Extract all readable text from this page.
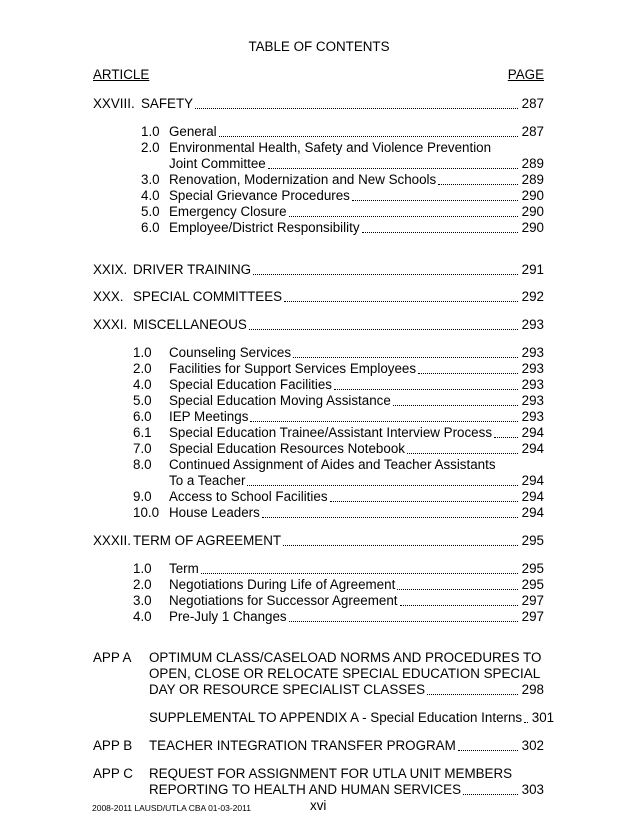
TABLE OF CONTENTS
ARTICLE	PAGE
XXVIII. SAFETY	287
1.0 General	287
2.0 Environmental Health, Safety and Violence Prevention
Joint Committee	289
3.0 Renovation, Modernization and New Schools	289
4.0 Special Grievance Procedures	290
5.0 Emergency Closure	290
6.0 Employee/District Responsibility	290
XXIX. DRIVER TRAINING	291
XXX. SPECIAL COMMITTEES	292
XXXI. MISCELLANEOUS	293
1.0 Counseling Services	293
2.0 Facilities for Support Services Employees	293
4.0 Special Education Facilities	293
5.0 Special Education Moving Assistance	293
6.0 IEP Meetings	293
6.1 Special Education Trainee/Assistant Interview Process 294
7.0 Special Education Resources Notebook	294
8.0 Continued Assignment of Aides and Teacher Assistants
To a Teacher	294
9.0 Access to School Facilities	294
10.0 House Leaders	294
XXXII. TERM OF AGREEMENT	295
1.0 Term	295
2.0 Negotiations During Life of Agreement	295
3.0 Negotiations for Successor Agreement	297
4.0 Pre-July 1 Changes	297
APP A OPTIMUM CLASS/CASELOAD NORMS AND PROCEDURES TO
OPEN, CLOSE OR RELOCATE SPECIAL EDUCATION SPECIAL
DAY OR RESOURCE SPECIALIST CLASSES	298
SUPPLEMENTAL TO APPENDIX A - Special Education Interns 301
APP B TEACHER INTEGRATION TRANSFER PROGRAM	302
APP C REQUEST FOR ASSIGNMENT FOR UTLA UNIT MEMBERS
REPORTING TO HEALTH AND HUMAN SERVICES	303
2008-2011 LAUSD/UTLA CBA 01-03-2011	xvi
